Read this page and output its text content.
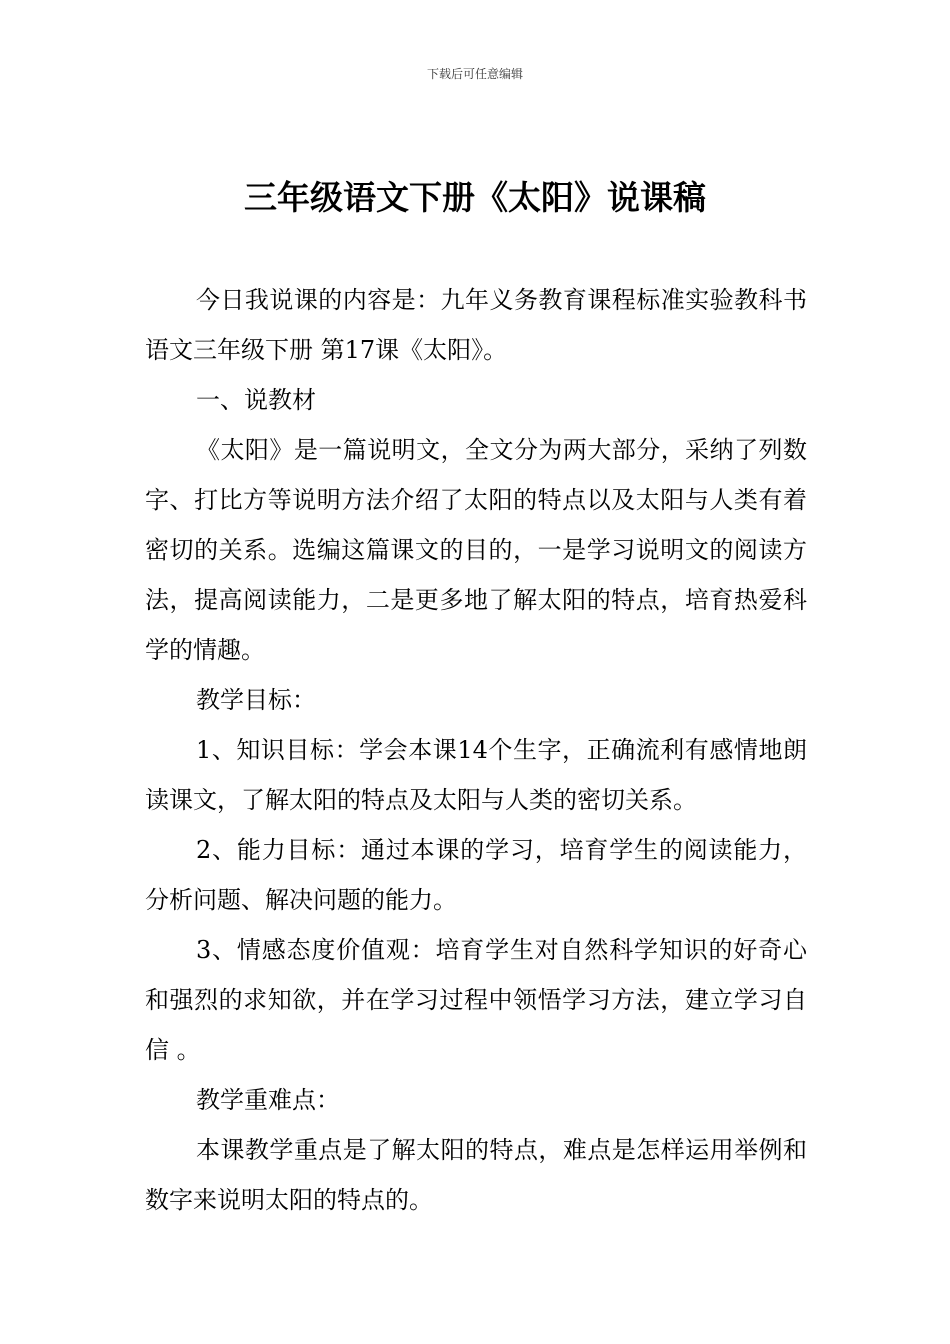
下载后可任意编辑
三年级语文下册《太阳》说课稿

今日我说课的内容是：九年义务教育课程标准实验教科书语文三年级下册 第17课《太阳》。

一、说教材

《太阳》是一篇说明文，全文分为两大部分，采纳了列数字、打比方等说明方法介绍了太阳的特点以及太阳与人类有着密切的关系。选编这篇课文的目的，一是学习说明文的阅读方法，提高阅读能力，二是更多地了解太阳的特点，培育热爱科学的情趣。

教学目标：

1、知识目标：学会本课14个生字，正确流利有感情地朗读课文，了解太阳的特点及太阳与人类的密切关系。

2、能力目标：通过本课的学习，培育学生的阅读能力，分析问题、解决问题的能力。

3、情感态度价值观：培育学生对自然科学知识的好奇心和强烈的求知欲，并在学习过程中领悟学习方法，建立学习自信 。

教学重难点：

本课教学重点是了解太阳的特点，难点是怎样运用举例和数字来说明太阳的特点的。
